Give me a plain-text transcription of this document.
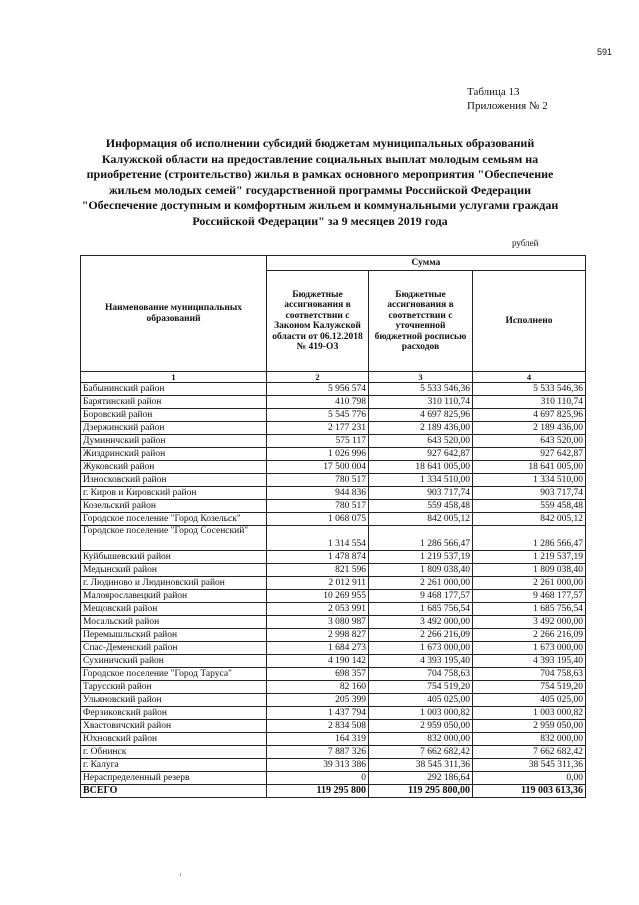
591
Таблица 13
Приложения № 2
Информация об исполнении субсидий бюджетам муниципальных образований
Калужской области на предоставление социальных выплат молодым семьям на
приобретение (строительство) жилья в рамках основного мероприятия "Обеспечение
жильем молодых семей" государственной программы Российской Федерации
"Обеспечение доступным и комфортным жильем и коммунальными услугами граждан
Российской Федерации" за 9 месяцев 2019 года
рублей
Наименование муниципальных образований	Сумма		
	Бюджетные ассигнования в соответствии с Законом Калужской области от 06.12.2018 № 419-ОЗ	Бюджетные ассигнования в соответствии с уточненной бюджетной росписью расходов	Исполнено
1	2	3	4
Бабынинский район	5 956 574	5 533 546,36	5 533 546,36
Барятинский район	410 798	310 110,74	310 110,74
Боровский район	5 545 776	4 697 825,96	4 697 825,96
Дзержинский район	2 177 231	2 189 436,00	2 189 436,00
Думиничский район	575 117	643 520,00	643 520,00
Жиздринский район	1 026 996	927 642,87	927 642,87
Жуковский район	17 500 004	18 641 005,00	18 641 005,00
Износковский район	780 517	1 334 510,00	1 334 510,00
г. Киров и Кировский район	944 836	903 717,74	903 717,74
Козельский район	780 517	559 458,48	559 458,48
Городское поселение "Город Козельск"	1 068 075	842 005,12	842 005,12
Городское поселение "Город Сосенский"	1 314 554	1 286 566,47	1 286 566,47
Куйбышевский район	1 478 874	1 219 537,19	1 219 537,19
Медынский район	821 596	1 809 038,40	1 809 038,40
г. Людиново и Людиновский район	2 012 911	2 261 000,00	2 261 000,00
Малоярославецкий район	10 269 955	9 468 177,57	9 468 177,57
Мещовский район	2 053 991	1 685 756,54	1 685 756,54
Мосальский район	3 080 987	3 492 000,00	3 492 000,00
Перемышльский район	2 998 827	2 266 216,09	2 266 216,09
Спас-Деменский район	1 684 273	1 673 000,00	1 673 000,00
Сухиничский район	4 190 142	4 393 195,40	4 393 195,40
Городское поселение "Город Таруса"	698 357	704 758,63	704 758,63
Тарусский район	82 160	754 519,20	754 519,20
Ульяновский район	205 399	405 025,00	405 025,00
Ферзиковский район	1 437 794	1 003 000,82	1 003 000,82
Хвастовичский район	2 834 508	2 959 050,00	2 959 050,00
Юхновский район	164 319	832 000,00	832 000,00
г. Обнинск	7 887 326	7 662 682,42	7 662 682,42
г. Калуга	39 313 386	38 545 311,36	38 545 311,36
Нераспределенный резерв	0	292 186,64	0,00
ВСЕГО	119 295 800	119 295 800,00	119 003 613,36
